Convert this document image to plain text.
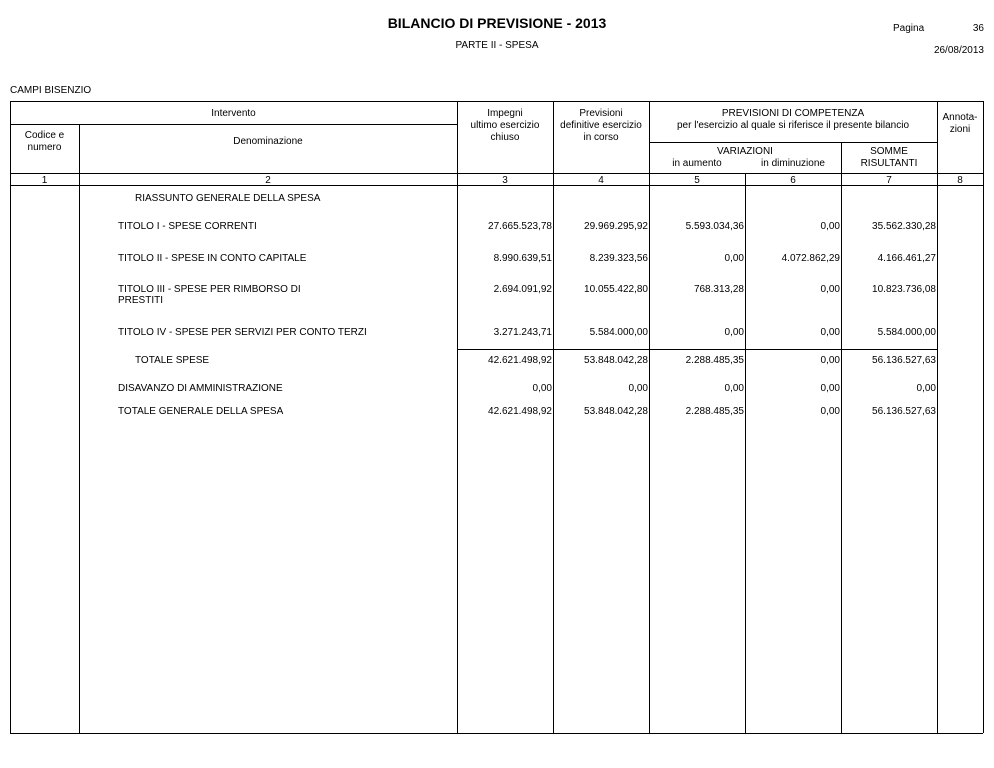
BILANCIO DI PREVISIONE - 2013
PARTE II - SPESA
Pagina	36
26/08/2013
CAMPI BISENZIO
Intervento
Codice e
numero
Denominazione
Impegni
ultimo esercizio
chiuso
Previsioni
definitive esercizio
in corso
PREVISIONI DI COMPETENZA
per l'esercizio al quale si riferisce il presente bilancio
VARIAZIONI
in aumento	in diminuzione
SOMME
RISULTANTI
Annota-
zioni
1	2	3	4	5	6	7	8
RIASSUNTO GENERALE DELLA SPESA
TITOLO I - SPESE CORRENTI	27.665.523,78	29.969.295,92	5.593.034,36	0,00	35.562.330,28
TITOLO II - SPESE IN CONTO CAPITALE	8.990.639,51	8.239.323,56	0,00	4.072.862,29	4.166.461,27
TITOLO III - SPESE PER RIMBORSO DI
PRESTITI
2.694.091,92	10.055.422,80	768.313,28	0,00	10.823.736,08
TITOLO IV - SPESE PER SERVIZI PER CONTO TERZI	3.271.243,71	5.584.000,00	0,00	0,00	5.584.000,00
TOTALE SPESE	42.621.498,92	53.848.042,28	2.288.485,35	0,00	56.136.527,63
DISAVANZO DI AMMINISTRAZIONE	0,00	0,00	0,00	0,00	0,00
TOTALE GENERALE DELLA SPESA	42.621.498,92	53.848.042,28	2.288.485,35	0,00	56.136.527,63
